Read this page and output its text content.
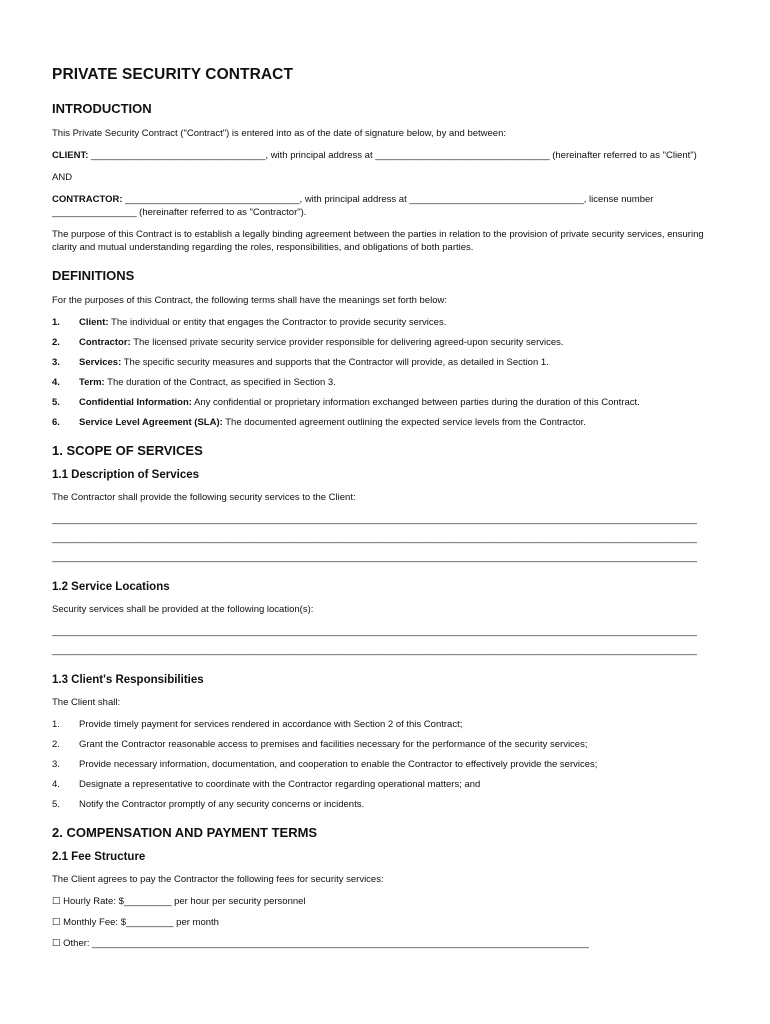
PRIVATE SECURITY CONTRACT
INTRODUCTION

This Private Security Contract ("Contract") is entered into as of the date of signature below, by and between:

CLIENT: _________________________________, with principal address at _________________________________ (hereinafter referred to as "Client")

AND

CONTRACTOR: _________________________________, with principal address at _________________________________, license number ________________ (hereinafter referred to as "Contractor").

The purpose of this Contract is to establish a legally binding agreement between the parties in relation to the provision of private security services, ensuring clarity and mutual understanding regarding the roles, responsibilities, and obligations of both parties.

DEFINITIONS

For the purposes of this Contract, the following terms shall have the meanings set forth below:

1.	Client: The individual or entity that engages the Contractor to provide security services.
2.	Contractor: The licensed private security service provider responsible for delivering agreed-upon security services.
3.	Services: The specific security measures and supports that the Contractor will provide, as detailed in Section 1.
4.	Term: The duration of the Contract, as specified in Section 3.
5.	Confidential Information: Any confidential or proprietary information exchanged between parties during the duration of this Contract.
6.	Service Level Agreement (SLA): The documented agreement outlining the expected service levels from the Contractor.
1. SCOPE OF SERVICES
1.1 Description of Services

The Contractor shall provide the following security services to the Client:

____________________________________________________________________________________________________________________________________
____________________________________________________________________________________________________________________________________
____________________________________________________________________________________________________________________________________
1.2 Service Locations

Security services shall be provided at the following location(s):

____________________________________________________________________________________________________________________________________
____________________________________________________________________________________________________________________________________
1.3 Client's Responsibilities

The Client shall:

1.	Provide timely payment for services rendered in accordance with Section 2 of this Contract;
2.	Grant the Contractor reasonable access to premises and facilities necessary for the performance of the security services;
3.	Provide necessary information, documentation, and cooperation to enable the Contractor to effectively provide the services;
4.	Designate a representative to coordinate with the Contractor regarding operational matters; and
5.	Notify the Contractor promptly of any security concerns or incidents.
2. COMPENSATION AND PAYMENT TERMS
2.1 Fee Structure

The Client agrees to pay the Contractor the following fees for security services:

☐ Hourly Rate: $_________ per hour per security personnel
☐ Monthly Fee: $_________ per month
☐ Other: ______________________________________________________________________________________________
